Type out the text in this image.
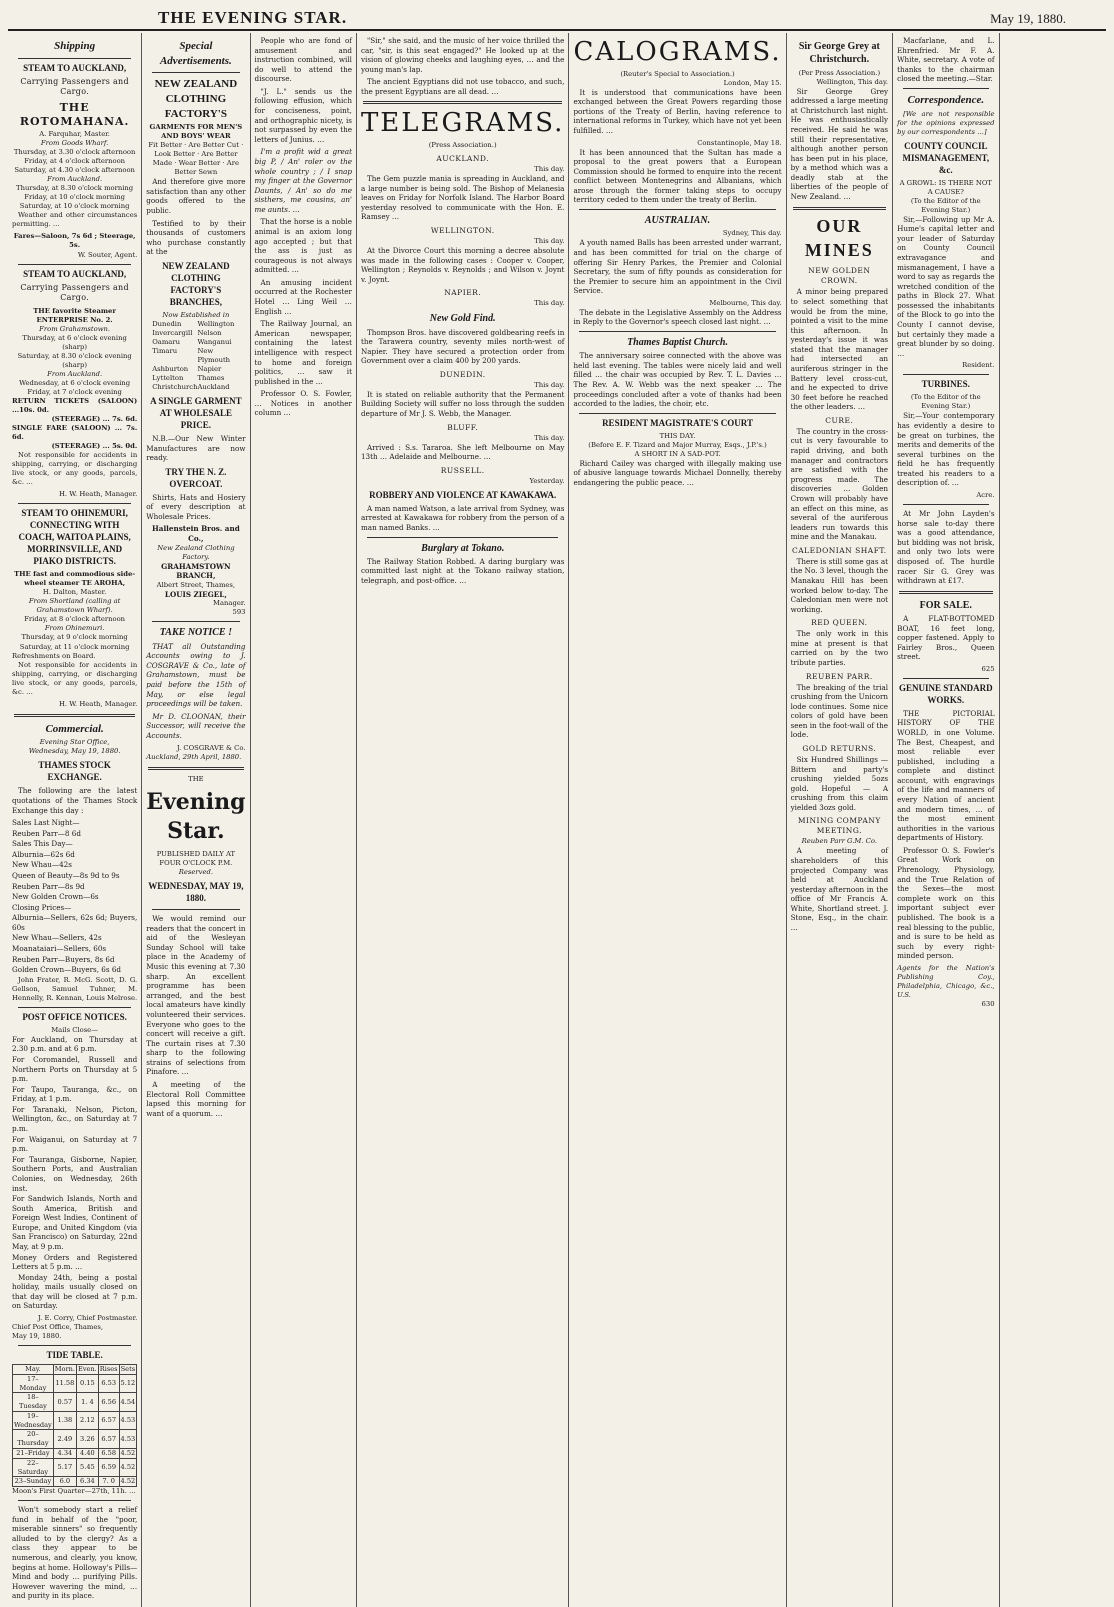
THE EVENING STAR.	May 19, 1880.
Shipping
STEAM TO AUCKLAND,
Carrying Passengers and Cargo.
THE ROTOMAHANA.
A. Farquhar, Master.
From Goods Wharf.
Thursday, at 3.30 o'clock afternoon
Friday, at 4 o'clock afternoon
Saturday, at 4.30 o'clock afternoon
From Auckland.
Thursday, at 8.30 o'clock morning
Friday, at 10 o'clock morning
Saturday, at 10 o'clock morning

Weather and other circumstances permitting. …

Fares—Saloon, 7s 6d ; Steerage, 5s.
W. Souter, Agent.
STEAM TO AUCKLAND,
Carrying Passengers and Cargo.
THE favorite Steamer ENTERPRISE No. 2.
From Grahamstown.
Thursday, at 6 o'clock evening (sharp)
Saturday, at 8.30 o'clock evening (sharp)
From Auckland.
Wednesday, at 6 o'clock evening
Friday, at 7 o'clock evening
RETURN TICKETS (SALOON) ...10s. 0d.
(STEERAGE) ... 7s. 6d.
SINGLE FARE (SALOON) ... 7s. 6d.
(STEERAGE) ... 5s. 0d.

Not responsible for accidents in shipping, carrying, or discharging live stock, or any goods, parcels, &c. …

H. W. Heath, Manager.
STEAM TO OHINEMURI, CONNECTING WITH COACH, WAITOA PLAINS, MORRINSVILLE, AND PIAKO DISTRICTS.
THE fast and commodious side-wheel steamer TE AROHA,
H. Dalton, Master.
From Shortland (calling at Grahamstown Wharf).
Friday, at 8 o'clock afternoon
From Ohinemuri.
Thursday, at 9 o'clock morning
Saturday, at 11 o'clock morning
Refreshments on Board.

Not responsible for accidents in shipping, carrying, or discharging live stock, or any goods, parcels, &c. …

H. W. Heath, Manager.
Commercial.
Evening Star Office,
Wednesday, May 19, 1880.
THAMES STOCK EXCHANGE.

The following are the latest quotations of the Thames Stock Exchange this day :

Sales Last Night—
Reuben Parr—8 6d
Sales This Day—
Alburnia—62s 6d
New Whau—42s
Queen of Beauty—8s 9d to 9s
Reuben Parr—8s 9d
New Golden Crown—6s
Closing Prices—
Alburnia—Sellers, 62s 6d; Buyers, 60s
New Whau—Sellers, 42s
Moanataiari—Sellers, 60s
Reuben Parr—Buyers, 8s 6d
Golden Crown—Buyers, 6s 6d

John Frater, R. McG. Scott, D. G. Gellson, Samuel Tuhner, M. Hennelly, R. Kennan, Louis Melrose.

POST OFFICE NOTICES.
Mails Close—
For Auckland, on Thursday at 2.30 p.m. and at 6 p.m.
For Coromandel, Russell and Northern Ports on Thursday at 5 p.m.
For Taupo, Tauranga, &c., on Friday, at 1 p.m.
For Taranaki, Nelson, Picton, Wellington, &c., on Saturday at 7 p.m.
For Waiganui, on Saturday at 7 p.m.
For Tauranga, Gisborne, Napier, Southern Ports, and Australian Colonies, on Wednesday, 26th inst.
For Sandwich Islands, North and South America, British and Foreign West Indies, Continent of Europe, and United Kingdom (via San Francisco) on Saturday, 22nd May, at 9 p.m.
Money Orders and Registered Letters at 5 p.m. …

Monday 24th, being a postal holiday, mails usually closed on that day will be closed at 7 p.m. on Saturday.

J. E. Corry, Chief Postmaster.
Chief Post Office, Thames,
May 19, 1880.
TIDE TABLE.
May.	Morn.	Even.	Rises	Sets
17–Monday	11.58	0.15	6.53	5.12
18–Tuesday	0.57	1. 4	6.56	4.54
19–Wednesday	1.38	2.12	6.57	4.53
20–Thursday	2.49	3.26	6.57	4.53
21–Friday	4.34	4.40	6.58	4.52
22–Saturday	5.17	5.45	6.59	4.52
23–Sunday	6.0	6.34	7. 0	4.52
Moon's First Quarter—27th, 11h. …

Won't somebody start a relief fund in behalf of the "poor, miserable sinners" so frequently alluded to by the clergy? As a class they appear to be numerous, and clearly, you know, begins at home. Holloway's Pills—Mind and body … purifying Pills. However wavering the mind, … and purity in its place.

Special Advertisements.
NEW ZEALAND CLOTHING FACTORY'S
GARMENTS FOR MEN'S AND BOYS' WEAR
Fit Better · Are Better Cut · Look Better · Are Better Made · Wear Better · Are Better Sewn

And therefore give more satisfaction than any other goods offered to the public.

Testified to by their thousands of customers who purchase constantly at the

NEW ZEALAND CLOTHING FACTORY'S BRANCHES,
Now Established in
Dunedin	Wellington
Invercargill Nelson
Oamaru	Wanganui
Timaru	New Plymouth
Ashburton	Napier
Lyttelton	Thames
Christchurch Auckland
A SINGLE GARMENT AT WHOLESALE PRICE.

N.B.—Our New Winter Manufactures are now ready.

TRY THE N. Z. OVERCOAT.

Shirts, Hats and Hosiery of every description at Wholesale Prices.

Hallenstein Bros. and Co.,
New Zealand Clothing Factory.
GRAHAMSTOWN BRANCH,
Albert Street, Thames,
LOUIS ZIEGEL,
Manager.
593
TAKE NOTICE !

THAT all Outstanding Accounts owing to J. COSGRAVE & Co., late of Grahamstown, must be paid before the 15th of May, or else legal proceedings will be taken.

Mr D. CLOONAN, their Successor, will receive the Accounts.

J. COSGRAVE & Co.
Auckland, 29th April, 1880.
THE
Evening Star.
PUBLISHED DAILY AT FOUR O'CLOCK P.M.
Reserved.
WEDNESDAY, MAY 19, 1880.

We would remind our readers that the concert in aid of the Wesleyan Sunday School will take place in the Academy of Music this evening at 7.30 sharp. An excellent programme has been arranged, and the best local amateurs have kindly volunteered their services. Everyone who goes to the concert will receive a gift. The curtain rises at 7.30 sharp to the following strains of selections from Pinafore. …

A meeting of the Electoral Roll Committee lapsed this morning for want of a quorum. …

People who are fond of amusement and instruction combined, will do well to attend the discourse.

"J. L." sends us the following effusion, which for conciseness, point, and orthographic nicety, is not surpassed by even the letters of Junius. …

I'm a profit wid a great big P, / An' roler ov the whole country ; / I snap my finger at the Governor Daunts, / An' so do me sisthers, me cousins, an' me aunts. …

That the horse is a noble animal is an axiom long ago accepted ; but that the ass is just as courageous is not always admitted. …

An amusing incident occurred at the Rochester Hotel … Ling Weil … English …

The Railway Journal, an American newspaper, containing the latest intelligence with respect to home and foreign politics, … saw it published in the …

Professor O. S. Fowler, … Notices in another column …

"Sir," she said, and the music of her voice thrilled the car, "sir, is this seat engaged?" He looked up at the vision of glowing cheeks and laughing eyes, … and the young man's lap.

The ancient Egyptians did not use tobacco, and such, the present Egyptians are all dead. …

TELEGRAMS.
(Press Association.)
AUCKLAND.
This day.

The Gem puzzle mania is spreading in Auckland, and a large number is being sold. The Bishop of Melanesia leaves on Friday for Norfolk Island. The Harbor Board yesterday resolved to communicate with the Hon. E. Ramsey …

WELLINGTON.
This day.

At the Divorce Court this morning a decree absolute was made in the following cases : Cooper v. Cooper, Wellington ; Reynolds v. Reynolds ; and Wilson v. Joynt v. Joynt.

NAPIER.
This day.
New Gold Find.

Thompson Bros. have discovered goldbearing reefs in the Tarawera country, seventy miles north-west of Napier. They have secured a protection order from Government over a claim 400 by 200 yards.

DUNEDIN.
This day.

It is stated on reliable authority that the Permanent Building Society will suffer no loss through the sudden departure of Mr J. S. Webb, the Manager.

BLUFF.
This day.

Arrived : S.s. Tararoa. She left Melbourne on May 13th … Adelaide and Melbourne. …

RUSSELL.
Yesterday.
ROBBERY AND VIOLENCE AT KAWAKAWA.

A man named Watson, a late arrival from Sydney, was arrested at Kawakawa for robbery from the person of a man named Banks. …

Burglary at Tokano.

The Railway Station Robbed. A daring burglary was committed last night at the Tokano railway station, telegraph, and post-office. …

CALOGRAMS.
(Reuter's Special to Association.)
London, May 15.

It is understood that communications have been exchanged between the Great Powers regarding those portions of the Treaty of Berlin, having reference to international reforms in Turkey, which have not yet been fulfilled. …

Constantinople, May 18.

It has been announced that the Sultan has made a proposal to the great powers that a European Commission should be formed to enquire into the recent conflict between Montenegrins and Albanians, which arose through the former taking steps to occupy territory ceded to them under the treaty of Berlin.

AUSTRALIAN.
Sydney, This day.

A youth named Balls has been arrested under warrant, and has been committed for trial on the charge of offering Sir Henry Parkes, the Premier and Colonial Secretary, the sum of fifty pounds as consideration for the Premier to secure him an appointment in the Civil Service.

Melbourne, This day.

The debate in the Legislative Assembly on the Address in Reply to the Governor's speech closed last night. …

Thames Baptist Church.

The anniversary soiree connected with the above was held last evening. The tables were nicely laid and well filled … the chair was occupied by Rev. T. L. Davies … The Rev. A. W. Webb was the next speaker … The proceedings concluded after a vote of thanks had been accorded to the ladies, the choir, etc.

RESIDENT MAGISTRATE'S COURT
THIS DAY.
(Before E. F. Tizard and Major Murray, Esqs., J.P.'s.)
A SHORT IN A SAD-POT.

Richard Cailey was charged with illegally making use of abusive language towards Michael Donnelly, thereby endangering the public peace. …

Sir George Grey at Christchurch.
(Per Press Association.)
Wellington, This day.

Sir George Grey addressed a large meeting at Christchurch last night. He was enthusiastically received. He said he was still their representative, although another person has been put in his place, by a method which was a deadly stab at the liberties of the people of New Zealand. …

OUR MINES
NEW GOLDEN CROWN.

A minor being prepared to select something that would be from the mine, pointed a visit to the mine this afternoon. In yesterday's issue it was stated that the manager had intersected an auriferous stringer in the Battery level cross-cut, and he expected to drive 30 feet before he reached the other leaders. …

CURE.

The country in the cross-cut is very favourable to rapid driving, and both manager and contractors are satisfied with the progress made. The discoveries … Golden Crown will probably have an effect on this mine, as several of the auriferous leaders run towards this mine and the Manakau.

CALEDONIAN SHAFT.

There is still some gas at the No. 3 level, though the Manakau Hill has been worked below to-day. The Caledonian men were not working.

RED QUEEN.

The only work in this mine at present is that carried on by the two tribute parties.

REUBEN PARR.

The breaking of the trial crushing from the Unicorn lode continues. Some nice colors of gold have been seen in the foot-wall of the lode.

GOLD RETURNS.

Six Hundred Shillings — Bittern and party's crushing yielded 5ozs gold. Hopeful — A crushing from this claim yielded 3ozs gold.

MINING COMPANY MEETING.
Reuben Parr G.M. Co.

A meeting of shareholders of this projected Company was held at Auckland yesterday afternoon in the office of Mr Francis A. White, Shortland street. J. Stone, Esq., in the chair. …

Macfarlane, and L. Ehrenfried. Mr F. A. White, secretary. A vote of thanks to the chairman closed the meeting.—Star.

Correspondence.

[We are not responsible for the opinions expressed by our correspondents …]

COUNTY COUNCIL MISMANAGEMENT, &c.
A GROWL: IS THERE NOT A CAUSE?
(To the Editor of the Evening Star.)

Sir,—Following up Mr A. Hume's capital letter and your leader of Saturday on County Council extravagance and mismanagement, I have a word to say as regards the wretched condition of the paths in Block 27. What possessed the inhabitants of the Block to go into the County I cannot devise, but certainly they made a great blunder by so doing. …

Resident.
TURBINES.
(To the Editor of the Evening Star.)

Sir,—Your contemporary has evidently a desire to be great on turbines, the merits and demerits of the several turbines on the field he has frequently treated his readers to a description of. …

Acre.

At Mr John Layden's horse sale to-day there was a good attendance, but bidding was not brisk, and only two lots were disposed of. The hurdle racer Sir G. Grey was withdrawn at £17.

FOR SALE.

A FLAT-BOTTOMED BOAT, 16 feet long, copper fastened. Apply to Fairley Bros., Queen street.

625
GENUINE STANDARD WORKS.

THE PICTORIAL HISTORY OF THE WORLD, in one Volume. The Best, Cheapest, and most reliable ever published, including a complete and distinct account, with engravings of the life and manners of every Nation of ancient and modern times, … of the most eminent authorities in the various departments of History.

Professor O. S. Fowler's Great Work on Phrenology, Physiology, and the True Relation of the Sexes—the most complete work on this important subject ever published. The book is a real blessing to the public, and is sure to be held as such by every right-minded person.

Agents for the Nation's Publishing Coy., Philadelphia, Chicago, &c., U.S.
630
